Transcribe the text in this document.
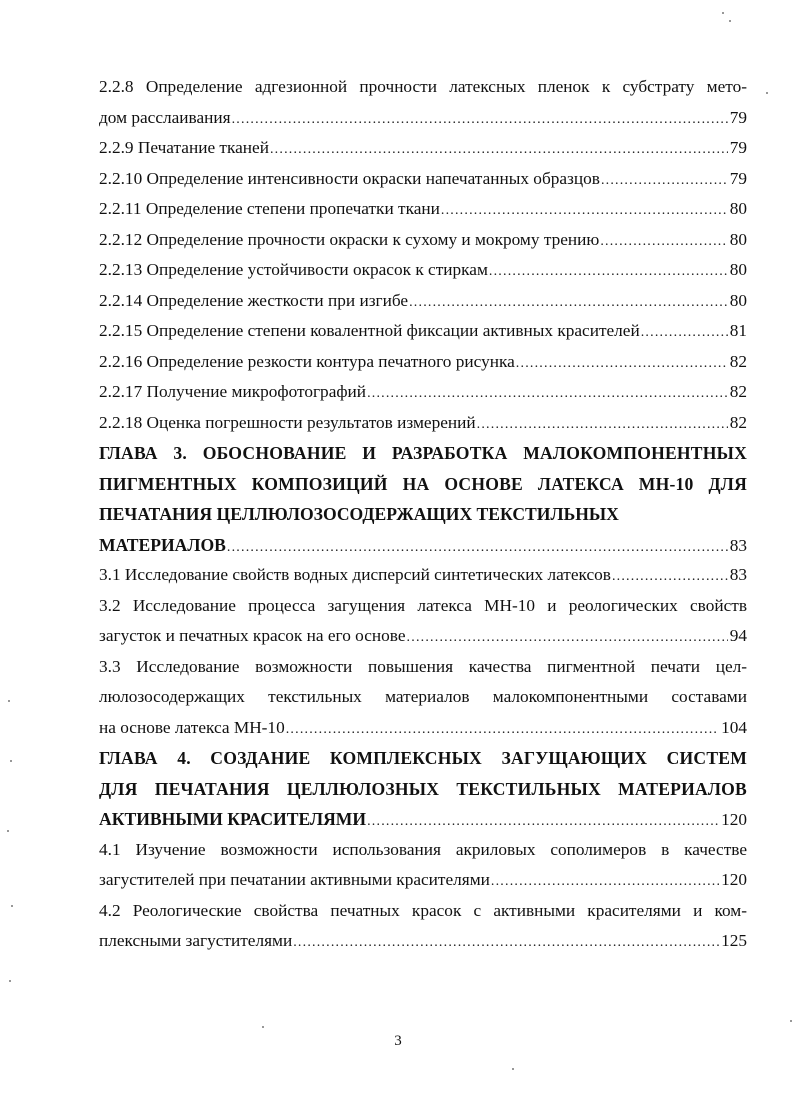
2.2.8 Определение адгезионной прочности латексных пленок к субстрату мето-
дом расслаивания .....	79
2.2.9 Печатание тканей .....	79
2.2.10 Определение интенсивности окраски напечатанных образцов .....	79
2.2.11 Определение степени пропечатки ткани .....	80
2.2.12 Определение прочности окраски к сухому и мокрому трению .....	80
2.2.13 Определение устойчивости окрасок к стиркам .....	80
2.2.14 Определение жесткости при изгибе .....	80
2.2.15 Определение степени ковалентной фиксации активных красителей .....	81
2.2.16 Определение резкости контура печатного рисунка .....	82
2.2.17 Получение микрофотографий .....	82
2.2.18 Оценка погрешности результатов измерений .....	82
ГЛАВА 3. ОБОСНОВАНИЕ И РАЗРАБОТКА МАЛОКОМПОНЕНТНЫХ
ПИГМЕНТНЫХ КОМПОЗИЦИЙ НА ОСНОВЕ ЛАТЕКСА МН-10 ДЛЯ
ПЕЧАТАНИЯ ЦЕЛЛЮЛОЗОСОДЕРЖАЩИХ ТЕКСТИЛЬНЫХ
МАТЕРИАЛОВ .....	83
3.1 Исследование свойств водных дисперсий синтетических латексов .....	83
3.2 Исследование процесса загущения латекса МН-10 и реологических свойств
загусток и печатных красок на его основе .....	94
3.3 Исследование возможности повышения качества пигментной печати цел-
люлозосодержащих текстильных материалов малокомпонентными составами
на основе латекса МН-10 .....	104
ГЛАВА 4. СОЗДАНИЕ КОМПЛЕКСНЫХ ЗАГУЩАЮЩИХ СИСТЕМ
ДЛЯ ПЕЧАТАНИЯ ЦЕЛЛЮЛОЗНЫХ ТЕКСТИЛЬНЫХ МАТЕРИАЛОВ
АКТИВНЫМИ КРАСИТЕЛЯМИ .....	120
4.1 Изучение возможности использования акриловых сополимеров в качестве
загустителей при печатании активными красителями .....	120
4.2 Реологические свойства печатных красок с активными красителями и ком-
плексными загустителями .....	125
3
